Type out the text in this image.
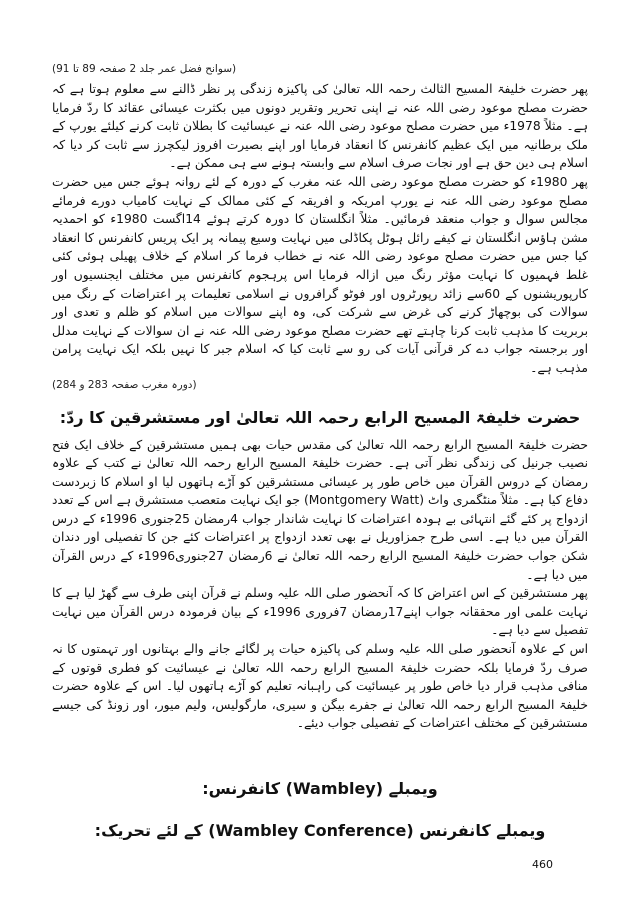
(سوانح فضل عمر جلد 2 صفحہ 89 تا 91)

پھر حضرت خلیفۃ المسیح الثالث رحمہ اللہ تعالیٰ کی پاکیزہ زندگی پر نظر ڈالنے سے معلوم ہوتا ہے کہ حضرت مصلح موعود رضی اللہ عنہ نے اپنی تحریر وتقریر دونوں میں بکثرت عیسائی عقائد کا ردّ فرمایا ہے۔ مثلاً 1978ء میں حضرت مصلح موعود رضی اللہ عنہ نے عیسائیت کا بطلان ثابت کرنے کیلئے یورپ کے ملک برطانیہ میں ایک عظیم کانفرنس کا انعقاد فرمایا اور اپنے بصیرت افروز لیکچرز سے ثابت کر دیا کہ اسلام ہی دین حق ہے اور نجات صرف اسلام سے وابستہ ہونے سے ہی ممکن ہے۔

پھر 1980ء کو حضرت مصلح موعود رضی اللہ عنہ مغرب کے دورہ کے لئے روانہ ہوئے جس میں حضرت مصلح موعود رضی اللہ عنہ نے یورپ امریکہ و افریقہ کے کئی ممالک کے نہایت کامیاب دورے فرمائے مجالس سوال و جواب منعقد فرمائیں۔ مثلاً انگلستان کا دورہ کرتے ہوئے 14اگست 1980ء کو احمدیہ مشن ہاؤس انگلستان نے کیفے رائل ہوٹل پکاڈلی میں نہایت وسیع پیمانہ پر ایک پریس کانفرنس کا انعقاد کیا جس میں حضرت مصلح موعود رضی اللہ عنہ نے خطاب فرما کر اسلام کے خلاف پھیلی ہوئی کئی غلط فہمیوں کا نہایت مؤثر رنگ میں ازالہ فرمایا اس پرہجوم کانفرنس میں مختلف ایجنسیوں اور کارپوریشنوں کے 60سے زائد رپورٹروں اور فوٹو گرافروں نے اسلامی تعلیمات پر اعتراضات کے رنگ میں سوالات کی بوچھاڑ کرنے کی غرض سے شرکت کی، وہ اپنے سوالات میں اسلام کو ظلم و تعدی اور بربریت کا مذہب ثابت کرنا چاہتے تھے حضرت مصلح موعود رضی اللہ عنہ نے ان سوالات کے نہایت مدلل اور برجستہ جواب دے کر قرآنی آیات کی رو سے ثابت کیا کہ اسلام جبر کا نہیں بلکہ ایک نہایت پرامن مذہب ہے۔

(دورہ مغرب صفحہ 283 و 284)

حضرت خلیفۃ المسیح الرابع رحمہ اللہ تعالیٰ اور مستشرقین کا ردّ:

حضرت خلیفۃ المسیح الرابع رحمہ اللہ تعالیٰ کی مقدس حیات بھی ہمیں مستشرقین کے خلاف ایک فتح نصیب جرنیل کی زندگی نظر آتی ہے۔ حضرت خلیفۃ المسیح الرابع رحمہ اللہ تعالیٰ نے کتب کے علاوہ رمضان کے دروس القرآن میں خاص طور پر عیسائی مستشرقین کو آڑے ہاتھوں لیا او اسلام کا زبردست دفاع کیا ہے۔ مثلاً منٹگمری واٹ (Montgomery Watt) جو ایک نہایت متعصب مستشرق ہے اس کے تعدد ازدواج پر کئے گئے انتہائی بے ہودہ اعتراضات کا نہایت شاندار جواب 4رمضان 25جنوری 1996ء کے درس القرآن میں دیا ہے۔ اسی طرح جمزاوریل نے بھی تعدد ازدواج پر اعتراضات کئے جن کا تفصیلی اور دندان شکن جواب حضرت خلیفۃ المسیح الرابع رحمہ اللہ تعالیٰ نے 6رمضان 27جنوری1996ء کے درس القرآن میں دیا ہے۔

پھر مستشرقین کے اس اعتراض کا کہ آنحضور صلی اللہ علیہ وسلم نے قرآن اپنی طرف سے گھڑ لیا ہے کا نہایت علمی اور محققانہ جواب اپنے17رمضان 7فروری 1996ء کے بیان فرمودہ درس القرآن میں نہایت تفصیل سے دیا ہے۔

اس کے علاوہ آنحضور صلی اللہ علیہ وسلم کی پاکیزہ حیات پر لگائے جانے والے بہتانوں اور تہمتوں کا نہ صرف ردّ فرمایا بلکہ حضرت خلیفۃ المسیح الرابع رحمہ اللہ تعالیٰ نے عیسائیت کو فطری قوتوں کے منافی مذہب قرار دیا خاص طور پر عیسائیت کی راہبانہ تعلیم کو آڑے ہاتھوں لیا۔ اس کے علاوہ حضرت خلیفۃ المسیح الرابع رحمہ اللہ تعالیٰ نے جفرے بیگن و سیری، مارگولیس، ولیم میور، اور زونڈ کی جیسے مستشرقین کے مختلف اعتراضات کے تفصیلی جواب دیئے۔

ویمبلے (Wambley) کانفرنس:
ویمبلے کانفرنس (Wambley Conference) کے لئے تحریک:
460
